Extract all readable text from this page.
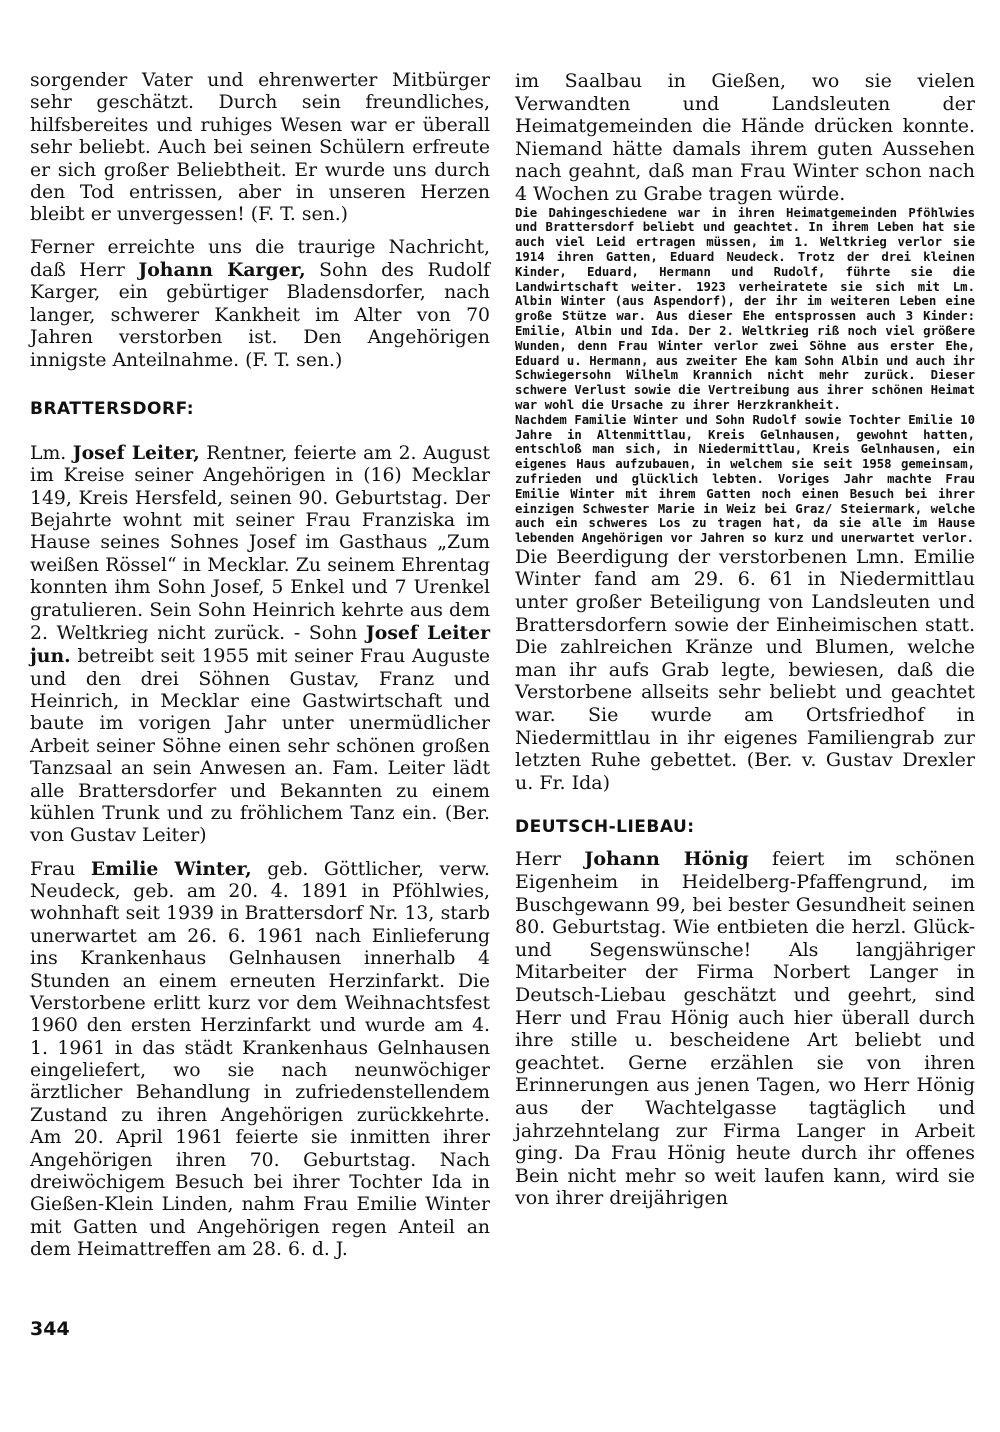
sorgender Vater und ehrenwerter Mitbürger sehr geschätzt. Durch sein freundliches, hilfsbereites und ruhiges Wesen war er überall sehr beliebt. Auch bei seinen Schülern erfreute er sich großer Beliebtheit. Er wurde uns durch den Tod entrissen, aber in unseren Herzen bleibt er unvergessen! (F. T. sen.)

Ferner erreichte uns die traurige Nachricht, daß Herr Johann Karger, Sohn des Rudolf Karger, ein gebürtiger Bladensdorfer, nach langer, schwerer Kankheit im Alter von 70 Jahren verstorben ist. Den Angehörigen innigste Anteilnahme. (F. T. sen.)

BRATTERSDORF:

Lm. Josef Leiter, Rentner, feierte am 2. August im Kreise seiner Angehörigen in (16) Mecklar 149, Kreis Hersfeld, seinen 90. Geburtstag. Der Bejahrte wohnt mit seiner Frau Franziska im Hause seines Sohnes Josef im Gasthaus „Zum weißen Rössel“ in Mecklar. Zu seinem Ehrentag konnten ihm Sohn Josef, 5 Enkel und 7 Urenkel gratulieren. Sein Sohn Heinrich kehrte aus dem 2. Weltkrieg nicht zurück. - Sohn Josef Leiter jun. betreibt seit 1955 mit seiner Frau Auguste und den drei Söhnen Gustav, Franz und Heinrich, in Mecklar eine Gastwirtschaft und baute im vorigen Jahr unter unermüdlicher Arbeit seiner Söhne einen sehr schönen großen Tanzsaal an sein Anwesen an. Fam. Leiter lädt alle Brattersdorfer und Bekannten zu einem kühlen Trunk und zu fröhlichem Tanz ein. (Ber. von Gustav Leiter)

Frau Emilie Winter, geb. Göttlicher, verw. Neudeck, geb. am 20. 4. 1891 in Pföhlwies, wohnhaft seit 1939 in Brattersdorf Nr. 13, starb unerwartet am 26. 6. 1961 nach Einlieferung ins Krankenhaus Gelnhausen innerhalb 4 Stunden an einem erneuten Herzinfarkt. Die Verstorbene erlitt kurz vor dem Weihnachtsfest 1960 den ersten Herzinfarkt und wurde am 4. 1. 1961 in das städt Krankenhaus Gelnhausen eingeliefert, wo sie nach neunwöchiger ärztlicher Behandlung in zufriedenstellendem Zustand zu ihren Angehörigen zurückkehrte. Am 20. April 1961 feierte sie inmitten ihrer Angehörigen ihren 70. Geburtstag. Nach dreiwöchigem Besuch bei ihrer Tochter Ida in Gießen-Klein Linden, nahm Frau Emilie Winter mit Gatten und Angehörigen regen Anteil an dem Heimattreffen am 28. 6. d. J.

im Saalbau in Gießen, wo sie vielen Verwandten und Landsleuten der Heimatgemeinden die Hände drücken konnte. Niemand hätte damals ihrem guten Aussehen nach geahnt, daß man Frau Winter schon nach 4 Wochen zu Grabe tragen würde.

Die Dahingeschiedene war in ihren Heimatgemeinden Pföhlwies und Brattersdorf beliebt und geachtet. In ihrem Leben hat sie auch viel Leid ertragen müssen, im 1. Weltkrieg verlor sie 1914 ihren Gatten, Eduard Neudeck. Trotz der drei kleinen Kinder, Eduard, Hermann und Rudolf, führte sie die Landwirtschaft weiter. 1923 verheiratete sie sich mit Lm. Albin Winter (aus Aspendorf), der ihr im weiteren Leben eine große Stütze war. Aus dieser Ehe entsprossen auch 3 Kinder: Emilie, Albin und Ida. Der 2. Weltkrieg riß noch viel größere Wunden, denn Frau Winter verlor zwei Söhne aus erster Ehe, Eduard u. Hermann, aus zweiter Ehe kam Sohn Albin und auch ihr Schwiegersohn Wilhelm Krannich nicht mehr zurück. Dieser schwere Verlust sowie die Vertreibung aus ihrer schönen Heimat war wohl die Ursache zu ihrer Herzkrankheit.

Nachdem Familie Winter und Sohn Rudolf sowie Tochter Emilie 10 Jahre in Altenmittlau, Kreis Gelnhausen, gewohnt hatten, entschloß man sich, in Niedermittlau, Kreis Gelnhausen, ein eigenes Haus aufzubauen, in welchem sie seit 1958 gemeinsam, zufrieden und glücklich lebten. Voriges Jahr machte Frau Emilie Winter mit ihrem Gatten noch einen Besuch bei ihrer einzigen Schwester Marie in Weiz bei Graz/ Steiermark, welche auch ein schweres Los zu tragen hat, da sie alle im Hause lebenden Angehörigen vor Jahren so kurz und unerwartet verlor.

Die Beerdigung der verstorbenen Lmn. Emilie Winter fand am 29. 6. 61 in Niedermittlau unter großer Beteiligung von Landsleuten und Brattersdorfern sowie der Einheimischen statt. Die zahlreichen Kränze und Blumen, welche man ihr aufs Grab legte, bewiesen, daß die Verstorbene allseits sehr beliebt und geachtet war. Sie wurde am Ortsfriedhof in Niedermittlau in ihr eigenes Familiengrab zur letzten Ruhe gebettet. (Ber. v. Gustav Drexler u. Fr. Ida)

DEUTSCH-LIEBAU:

Herr Johann Hönig feiert im schönen Eigenheim in Heidelberg-Pfaffengrund, im Buschgewann 99, bei bester Gesundheit seinen 80. Geburtstag. Wie entbieten die herzl. Glück- und Segenswünsche! Als langjähriger Mitarbeiter der Firma Norbert Langer in Deutsch-Liebau geschätzt und geehrt, sind Herr und Frau Hönig auch hier überall durch ihre stille u. bescheidene Art beliebt und geachtet. Gerne erzählen sie von ihren Erinnerungen aus jenen Tagen, wo Herr Hönig aus der Wachtelgasse tagtäglich und jahrzehntelang zur Firma Langer in Arbeit ging. Da Frau Hönig heute durch ihr offenes Bein nicht mehr so weit laufen kann, wird sie von ihrer dreijährigen

344
